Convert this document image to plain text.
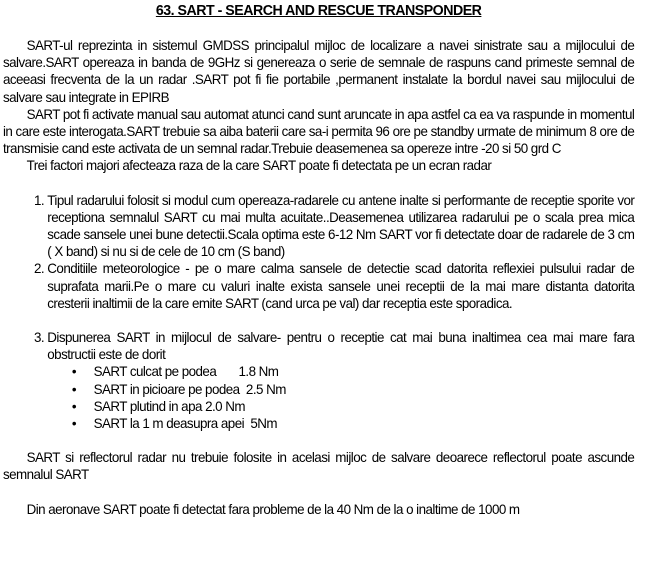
63. SART - SEARCH AND RESCUE TRANSPONDER

SART-ul reprezinta in sistemul GMDSS principalul mijloc de localizare a navei sinistrate sau a mijlocului de salvare.SART opereaza in banda de 9GHz si genereaza o serie de semnale de raspuns cand primeste semnal de aceeasi frecventa de la un radar .SART pot fi fie portabile ,permanent instalate la bordul navei sau mijlocului de salvare sau integrate in EPIRB

SART pot fi activate manual sau automat atunci cand sunt aruncate in apa astfel ca ea va raspunde in momentul in care este interogata.SART trebuie sa aiba baterii care sa-i permita 96 ore pe standby urmate de minimum 8 ore de transmisie cand este activata de un semnal radar.Trebuie deasemenea sa opereze intre -20 si 50 grd C

Trei factori majori afecteaza raza de la care SART poate fi detectata pe un ecran radar

1. Tipul radarului folosit si modul cum opereaza-radarele cu antene inalte si performante de receptie sporite vor receptiona semnalul SART cu mai multa acuitate..Deasemenea utilizarea radarului pe o scala prea mica scade sansele unei bune detectii.Scala optima este 6-12 Nm SART vor fi detectate doar de radarele de 3 cm ( X band) si nu si de cele de 10 cm (S band)
2. Conditiile meteorologice - pe o mare calma sansele de detectie scad datorita reflexiei pulsului radar de suprafata marii.Pe o mare cu valuri inalte exista sansele unei receptii de la mai mare distanta datorita cresterii inaltimii de la care emite SART (cand urca pe val) dar receptia este sporadica.
3. Dispunerea SART in mijlocul de salvare- pentru o receptie cat mai buna inaltimea cea mai mare fara obstructii este de dorit
• SART culcat pe podea       1.8 Nm
• SART in picioare pe podea  2.5 Nm
• SART plutind in apa 2.0 Nm
• SART la 1 m deasupra apei  5Nm

SART si reflectorul radar nu trebuie folosite in acelasi mijloc de salvare deoarece reflectorul poate ascunde semnalul SART

Din aeronave SART poate fi detectat fara probleme de la 40 Nm de la o inaltime de 1000 m
